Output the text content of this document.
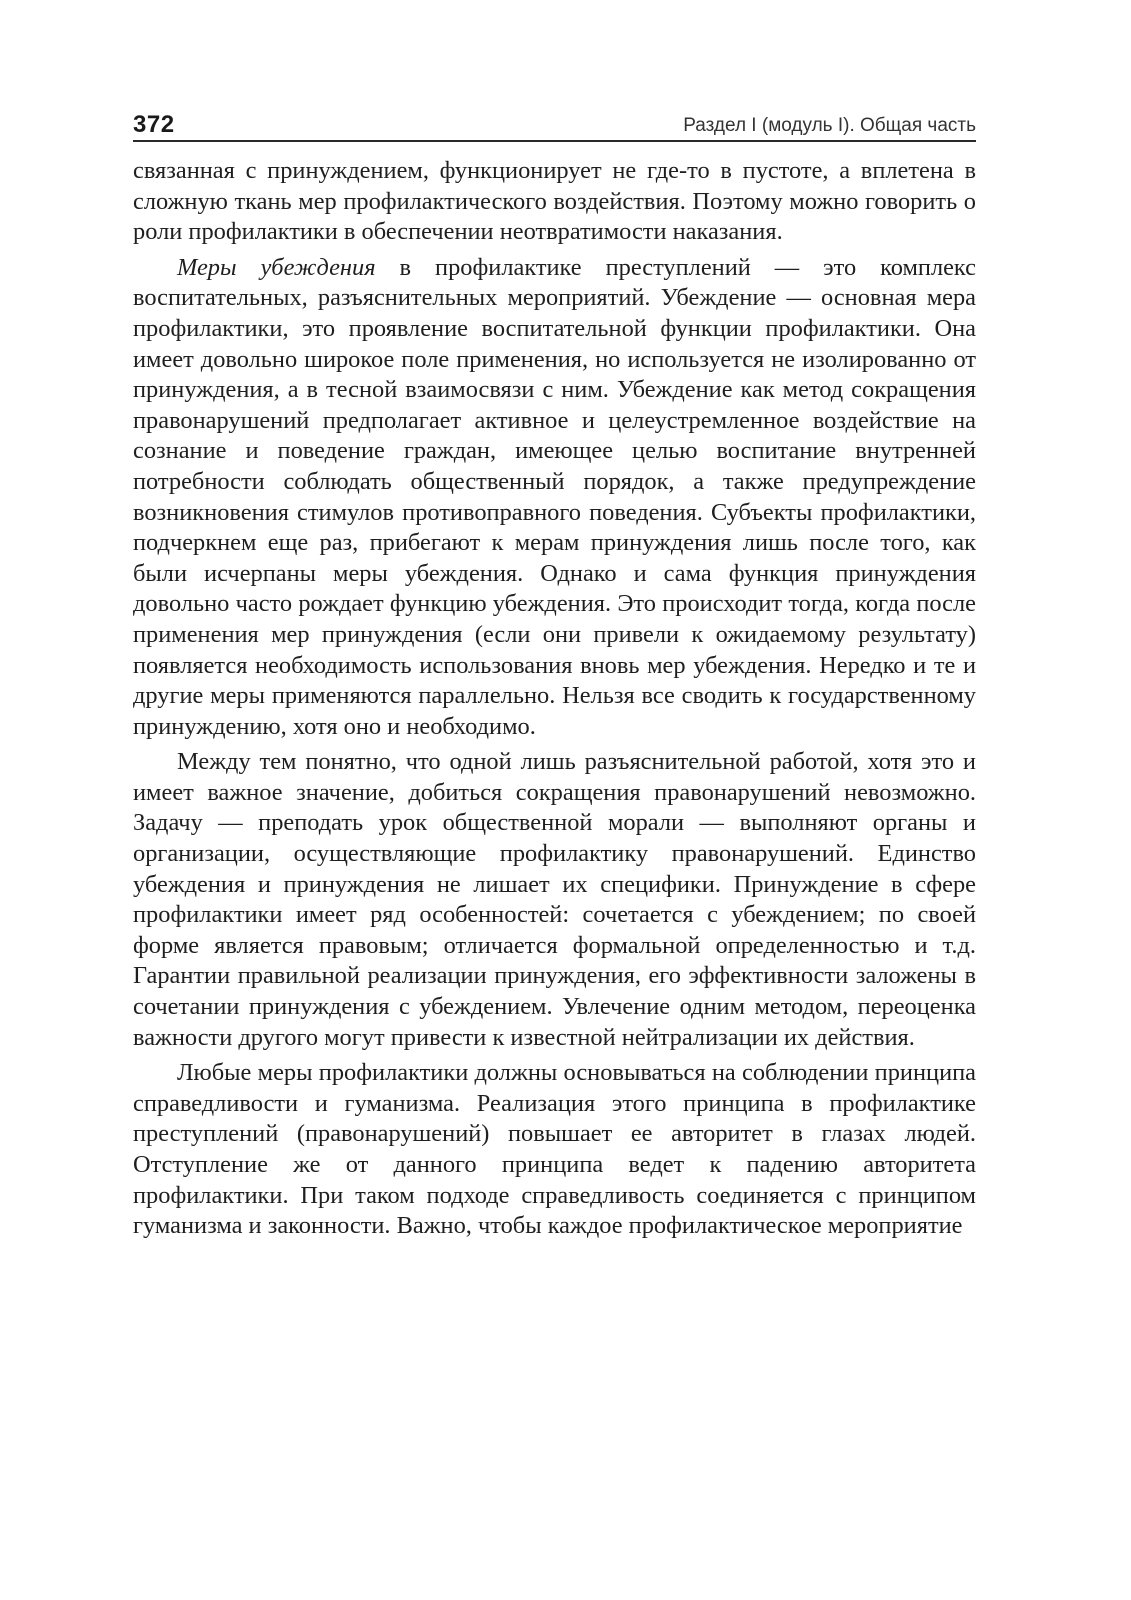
372	Раздел I (модуль I). Общая часть

связанная с принуждением, функционирует не где-то в пустоте, а вплетена в сложную ткань мер профилактического воздействия. Поэтому можно говорить о роли профилактики в обеспечении неотвратимости наказания.

Меры убеждения в профилактике преступлений — это комплекс воспитательных, разъяснительных мероприятий. Убеждение — основная мера профилактики, это проявление воспитательной функции профилактики. Она имеет довольно широкое поле применения, но используется не изолированно от принуждения, а в тесной взаимосвязи с ним. Убеждение как метод сокращения правонарушений предполагает активное и целеустремленное воздействие на сознание и поведение граждан, имеющее целью воспитание внутренней потребности соблюдать общественный порядок, а также предупреждение возникновения стимулов противоправного поведения. Субъекты профилактики, подчеркнем еще раз, прибегают к мерам принуждения лишь после того, как были исчерпаны меры убеждения. Однако и сама функция принуждения довольно часто рождает функцию убеждения. Это происходит тогда, когда после применения мер принуждения (если они привели к ожидаемому результату) появляется необходимость использования вновь мер убеждения. Нередко и те и другие меры применяются параллельно. Нельзя все сводить к государственному принуждению, хотя оно и необходимо.

Между тем понятно, что одной лишь разъяснительной работой, хотя это и имеет важное значение, добиться сокращения правонарушений невозможно. Задачу — преподать урок общественной морали — выполняют органы и организации, осуществляющие профилактику правонарушений. Единство убеждения и принуждения не лишает их специфики. Принуждение в сфере профилактики имеет ряд особенностей: сочетается с убеждением; по своей форме является правовым; отличается формальной определенностью и т.д. Гарантии правильной реализации принуждения, его эффективности заложены в сочетании принуждения с убеждением. Увлечение одним методом, переоценка важности другого могут привести к известной нейтрализации их действия.

Любые меры профилактики должны основываться на соблюдении принципа справедливости и гуманизма. Реализация этого принципа в профилактике преступлений (правонарушений) повышает ее авторитет в глазах людей. Отступление же от данного принципа ведет к падению авторитета профилактики. При таком подходе справедливость соединяется с принципом гуманизма и законности. Важно, чтобы каждое профилактическое мероприятие
